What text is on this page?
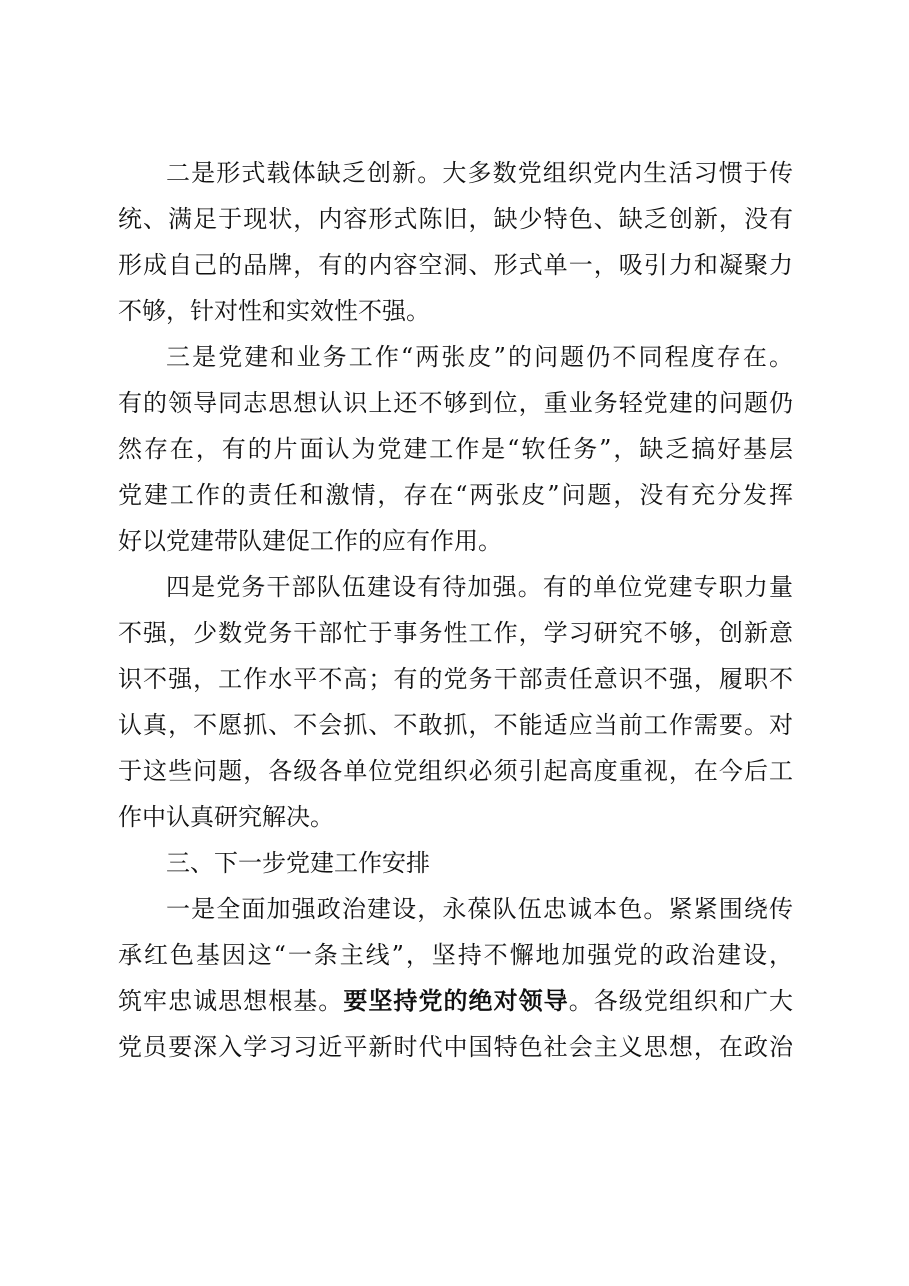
二是形式载体缺乏创新。大多数党组织党内生活习惯于传
统、满足于现状，内容形式陈旧，缺少特色、缺乏创新，没有
形成自己的品牌，有的内容空洞、形式单一，吸引力和凝聚力
不够，针对性和实效性不强。
三是党建和业务工作“两张皮”的问题仍不同程度存在。
有的领导同志思想认识上还不够到位，重业务轻党建的问题仍
然存在，有的片面认为党建工作是“软任务”，缺乏搞好基层
党建工作的责任和激情，存在“两张皮”问题，没有充分发挥
好以党建带队建促工作的应有作用。
四是党务干部队伍建设有待加强。有的单位党建专职力量
不强，少数党务干部忙于事务性工作，学习研究不够，创新意
识不强，工作水平不高；有的党务干部责任意识不强，履职不
认真，不愿抓、不会抓、不敢抓，不能适应当前工作需要。对
于这些问题，各级各单位党组织必须引起高度重视，在今后工
作中认真研究解决。
三、下一步党建工作安排
一是全面加强政治建设，永葆队伍忠诚本色。紧紧围绕传
承红色基因这“一条主线”，坚持不懈地加强党的政治建设，
筑牢忠诚思想根基。要坚持党的绝对领导。各级党组织和广大
党员要深入学习习近平新时代中国特色社会主义思想，在政治
